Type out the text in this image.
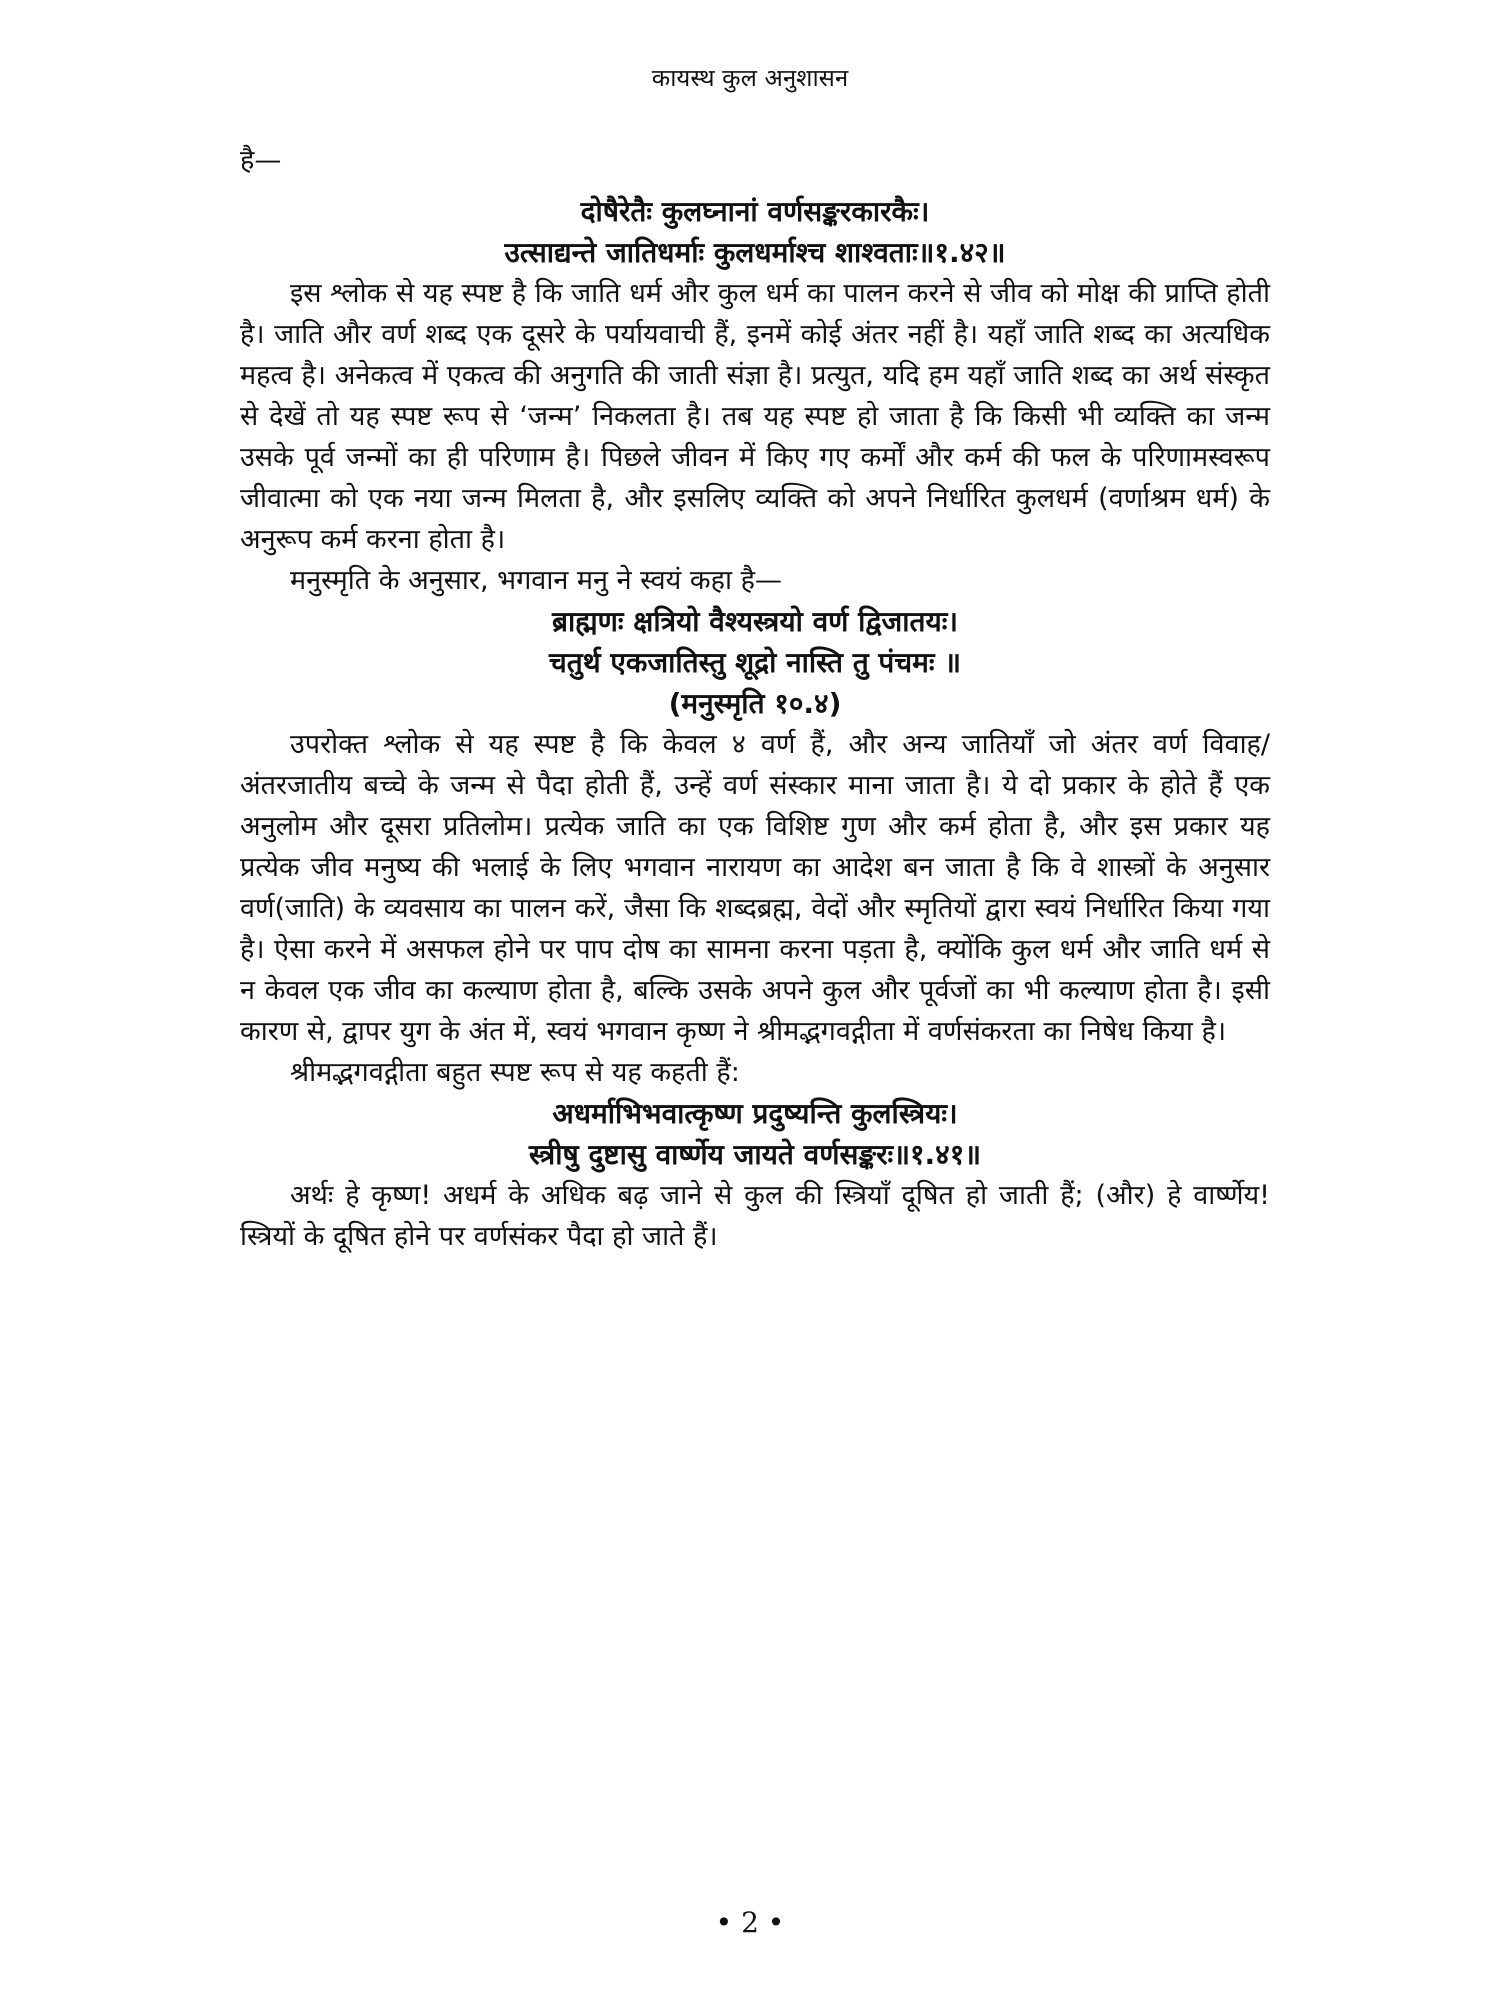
कायस्थ कुल अनुशासन

है—

दोषैरेतैः कुलघ्नानां वर्णसङ्करकारकैः।

उत्साद्यन्ते जातिधर्माः कुलधर्माश्च शाश्वताः॥१.४२॥

इस श्लोक से यह स्पष्ट है कि जाति धर्म और कुल धर्म का पालन करने से जीव को मोक्ष की प्राप्ति होती है। जाति और वर्ण शब्द एक दूसरे के पर्यायवाची हैं, इनमें कोई अंतर नहीं है। यहाँ जाति शब्द का अत्यधिक महत्व है। अनेकत्व में एकत्व की अनुगति की जाती संज्ञा है। प्रत्युत, यदि हम यहाँ जाति शब्द का अर्थ संस्कृत से देखें तो यह स्पष्ट रूप से ‘जन्म’ निकलता है। तब यह स्पष्ट हो जाता है कि किसी भी व्यक्ति का जन्म उसके पूर्व जन्मों का ही परिणाम है। पिछले जीवन में किए गए कर्मों और कर्म की फल के परिणामस्वरूप जीवात्मा को एक नया जन्म मिलता है, और इसलिए व्यक्ति को अपने निर्धारित कुलधर्म (वर्णाश्रम धर्म) के अनुरूप कर्म करना होता है।

मनुस्मृति के अनुसार, भगवान मनु ने स्वयं कहा है—

ब्राह्मणः क्षत्रियो वैश्यस्त्रयो वर्ण द्विजातयः।

चतुर्थ एकजातिस्तु शूद्रो नास्ति तु पंचमः ॥

(मनुस्मृति १०.४)

उपरोक्त श्लोक से यह स्पष्ट है कि केवल ४ वर्ण हैं, और अन्य जातियाँ जो अंतर वर्ण विवाह/अंतरजातीय बच्चे के जन्म से पैदा होती हैं, उन्हें वर्ण संस्कार माना जाता है। ये दो प्रकार के होते हैं एक अनुलोम और दूसरा प्रतिलोम। प्रत्येक जाति का एक विशिष्ट गुण और कर्म होता है, और इस प्रकार यह प्रत्येक जीव मनुष्य की भलाई के लिए भगवान नारायण का आदेश बन जाता है कि वे शास्त्रों के अनुसार वर्ण(जाति) के व्यवसाय का पालन करें, जैसा कि शब्दब्रह्म, वेदों और स्मृतियों द्वारा स्वयं निर्धारित किया गया है। ऐसा करने में असफल होने पर पाप दोष का सामना करना पड़ता है, क्योंकि कुल धर्म और जाति धर्म से न केवल एक जीव का कल्याण होता है, बल्कि उसके अपने कुल और पूर्वजों का भी कल्याण होता है। इसी कारण से, द्वापर युग के अंत में, स्वयं भगवान कृष्ण ने श्रीमद्भगवद्गीता में वर्णसंकरता का निषेध किया है।

श्रीमद्भगवद्गीता बहुत स्पष्ट रूप से यह कहती हैं:

अधर्माभिभवात्कृष्ण प्रदुष्यन्ति कुलस्त्रियः।

स्त्रीषु दुष्टासु वार्ष्णेय जायते वर्णसङ्करः॥१.४१॥

अर्थः हे कृष्ण! अधर्म के अधिक बढ़ जाने से कुल की स्त्रियाँ दूषित हो जाती हैं; (और) हे वार्ष्णेय! स्त्रियों के दूषित होने पर वर्णसंकर पैदा हो जाते हैं।

• 2 •
